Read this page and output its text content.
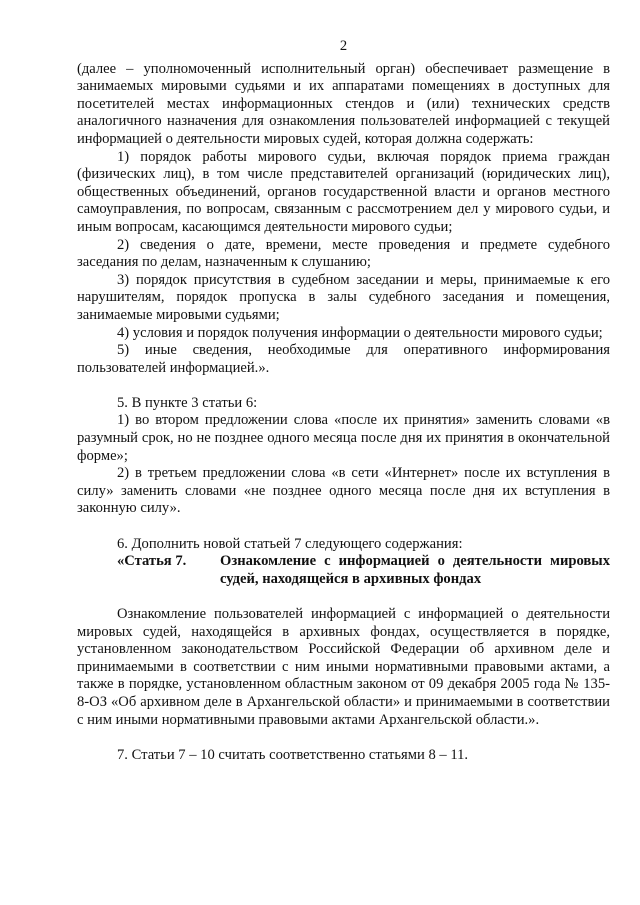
2

(далее – уполномоченный исполнительный орган) обеспечивает размещение в занимаемых мировыми судьями и их аппаратами помещениях в доступных для посетителей местах информационных стендов и (или) технических средств аналогичного назначения для ознакомления пользователей информацией с текущей информацией о деятельности мировых судей, которая должна содержать:

1) порядок работы мирового судьи, включая порядок приема граждан (физических лиц), в том числе представителей организаций (юридических лиц), общественных объединений, органов государственной власти и органов местного самоуправления, по вопросам, связанным с рассмотрением дел у мирового судьи, и иным вопросам, касающимся деятельности мирового судьи;

2) сведения о дате, времени, месте проведения и предмете судебного заседания по делам, назначенным к слушанию;

3) порядок присутствия в судебном заседании и меры, принимаемые к его нарушителям, порядок пропуска в залы судебного заседания и помещения, занимаемые мировыми судьями;

4) условия и порядок получения информации о деятельности мирового судьи;

5) иные сведения, необходимые для оперативного информирования пользователей информацией.».

5. В пункте 3 статьи 6:

1) во втором предложении слова «после их принятия» заменить словами «в разумный срок, но не позднее одного месяца после дня их принятия в окончательной форме»;

2) в третьем предложении слова «в сети «Интернет» после их вступления в силу» заменить словами «не позднее одного месяца после дня их вступления в законную силу».

6. Дополнить новой статьей 7 следующего содержания:

«Статья 7.	Ознакомление с информацией о деятельности мировых судей, находящейся в архивных фондах

Ознакомление пользователей информацией с информацией о деятельности мировых судей, находящейся в архивных фондах, осуществляется в порядке, установленном законодательством Российской Федерации об архивном деле и принимаемыми в соответствии с ним иными нормативными правовыми актами, а также в порядке, установленном областным законом от 09 декабря 2005 года № 135-8-ОЗ «Об архивном деле в Архангельской области» и принимаемыми в соответствии с ним иными нормативными правовыми актами Архангельской области.».

7. Статьи 7 – 10 считать соответственно статьями 8 – 11.
